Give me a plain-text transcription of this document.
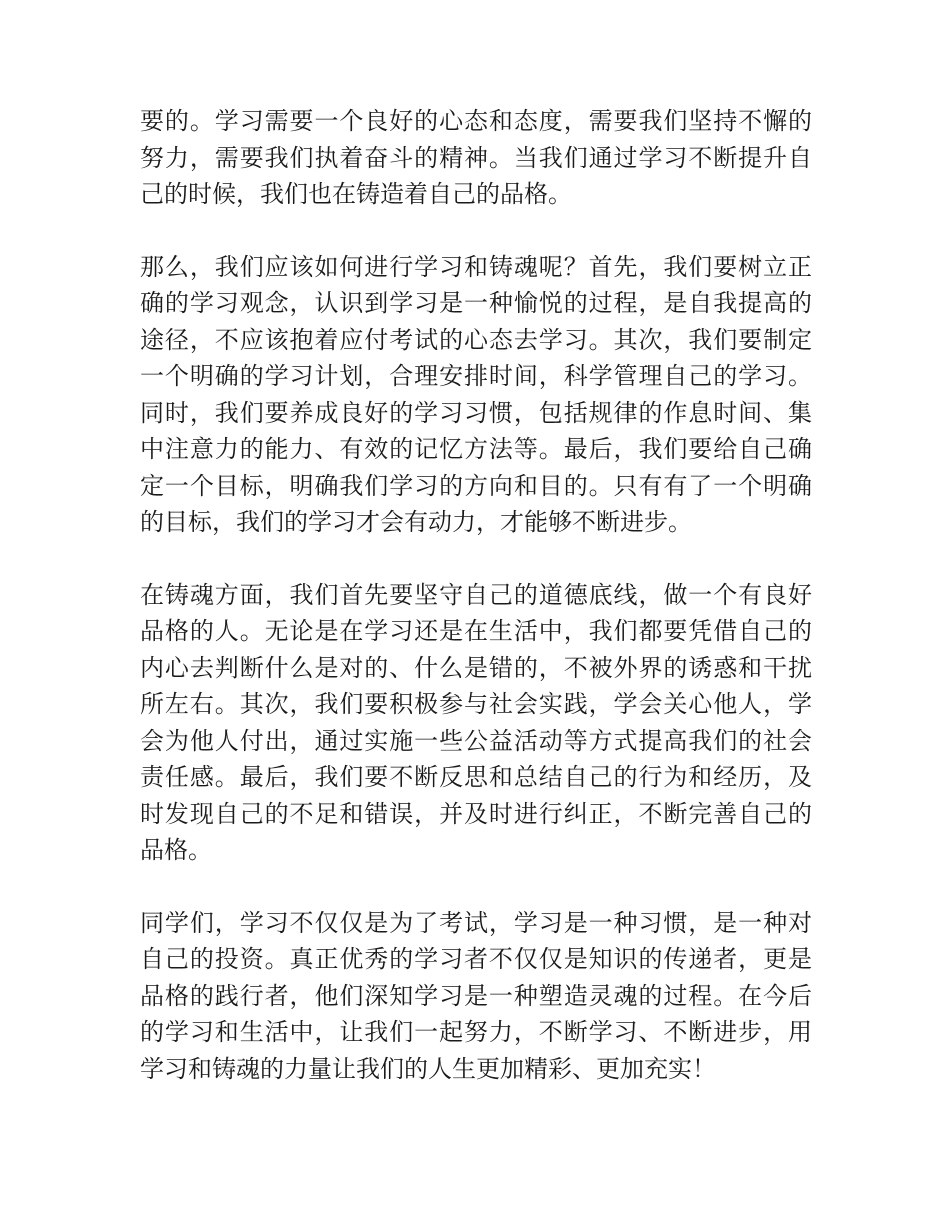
要的。学习需要一个良好的心态和态度，需要我们坚持不懈的
努力，需要我们执着奋斗的精神。当我们通过学习不断提升自
己的时候，我们也在铸造着自己的品格。
那么，我们应该如何进行学习和铸魂呢？首先，我们要树立正
确的学习观念，认识到学习是一种愉悦的过程，是自我提高的
途径，不应该抱着应付考试的心态去学习。其次，我们要制定
一个明确的学习计划，合理安排时间，科学管理自己的学习。
同时，我们要养成良好的学习习惯，包括规律的作息时间、集
中注意力的能力、有效的记忆方法等。最后，我们要给自己确
定一个目标，明确我们学习的方向和目的。只有有了一个明确
的目标，我们的学习才会有动力，才能够不断进步。
在铸魂方面，我们首先要坚守自己的道德底线，做一个有良好
品格的人。无论是在学习还是在生活中，我们都要凭借自己的
内心去判断什么是对的、什么是错的，不被外界的诱惑和干扰
所左右。其次，我们要积极参与社会实践，学会关心他人，学
会为他人付出，通过实施一些公益活动等方式提高我们的社会
责任感。最后，我们要不断反思和总结自己的行为和经历，及
时发现自己的不足和错误，并及时进行纠正，不断完善自己的
品格。
同学们，学习不仅仅是为了考试，学习是一种习惯，是一种对
自己的投资。真正优秀的学习者不仅仅是知识的传递者，更是
品格的践行者，他们深知学习是一种塑造灵魂的过程。在今后
的学习和生活中，让我们一起努力，不断学习、不断进步，用
学习和铸魂的力量让我们的人生更加精彩、更加充实！
